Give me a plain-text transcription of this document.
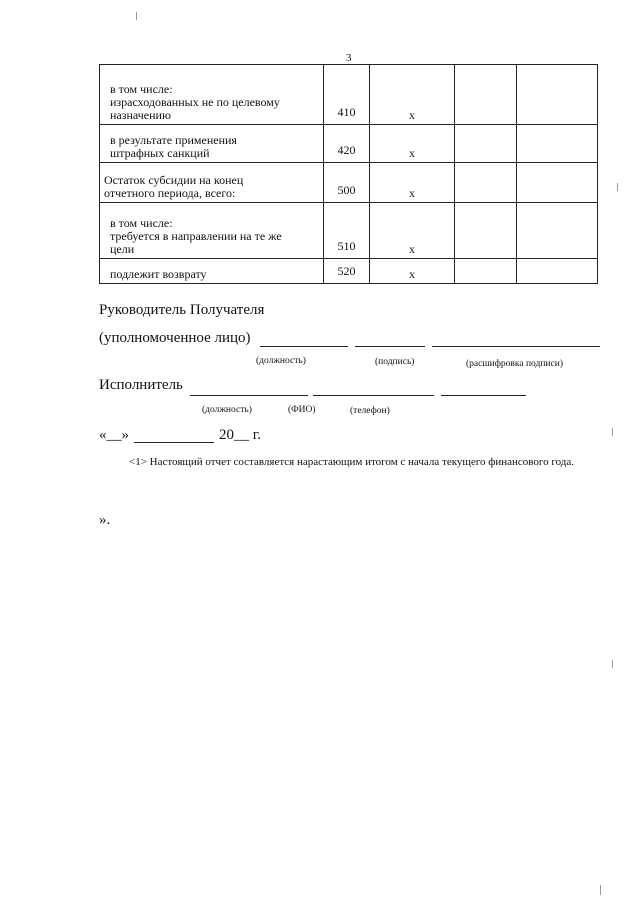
3
в том числе:
израсходованных не по целевому
назначению	410	x		

в результате применения
штрафных санкций	420	x		

Остаток субсидии на конец
отчетного периода, всего:	500	x		

в том числе:
требуется в направлении на те же
цели	510	x		

подлежит возврату	520	x		
Руководитель Получателя
(уполномоченное лицо)
(должность)	(подпись)	(расшифровка подписи)
Исполнитель
(должность)	(ФИО)	(телефон)
«__»	20__ г.
<1> Настоящий отчет составляется нарастающим итогом с начала текущего финансового года.
».
